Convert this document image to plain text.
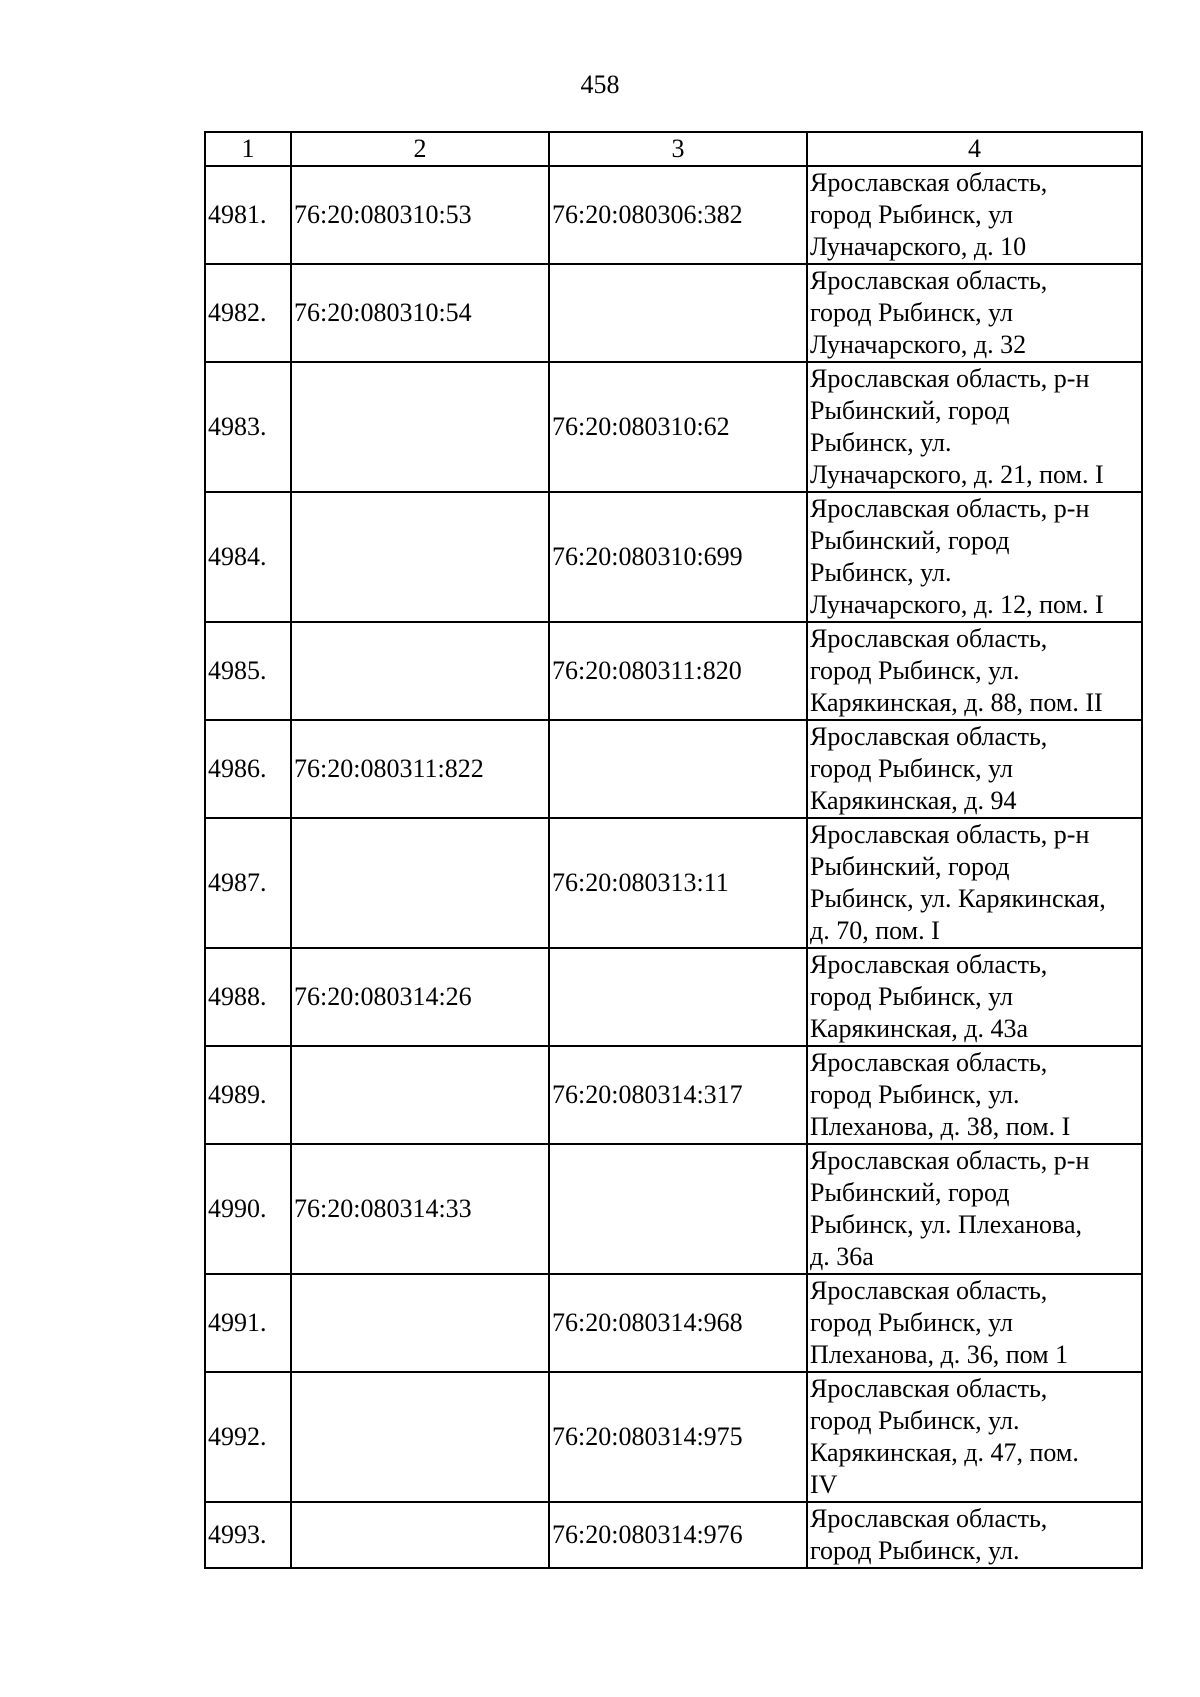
458
1	2	3	4
4981.	76:20:080310:53	76:20:080306:382	Ярославская область,
город Рыбинск, ул
Луначарского, д. 10

4982.	76:20:080310:54		Ярославская область,
город Рыбинск, ул
Луначарского, д. 32

4983.		76:20:080310:62	Ярославская область, р-н
Рыбинский, город
Рыбинск, ул.
Луначарского, д. 21, пом. I

4984.		76:20:080310:699	Ярославская область, р-н
Рыбинский, город
Рыбинск, ул.
Луначарского, д. 12, пом. I

4985.		76:20:080311:820	Ярославская область,
город Рыбинск, ул.
Карякинская, д. 88, пом. II

4986.	76:20:080311:822		Ярославская область,
город Рыбинск, ул
Карякинская, д. 94

4987.		76:20:080313:11	Ярославская область, р-н
Рыбинский, город
Рыбинск, ул. Карякинская,
д. 70, пом. I

4988.	76:20:080314:26		Ярославская область,
город Рыбинск, ул
Карякинская, д. 43а

4989.		76:20:080314:317	Ярославская область,
город Рыбинск, ул.
Плеханова, д. 38, пом. I

4990.	76:20:080314:33		Ярославская область, р-н
Рыбинский, город
Рыбинск, ул. Плеханова,
д. 36а

4991.		76:20:080314:968	Ярославская область,
город Рыбинск, ул
Плеханова, д. 36, пом 1

4992.		76:20:080314:975	Ярославская область,
город Рыбинск, ул.
Карякинская, д. 47, пом.
IV

4993.		76:20:080314:976	Ярославская область,
город Рыбинск, ул.
